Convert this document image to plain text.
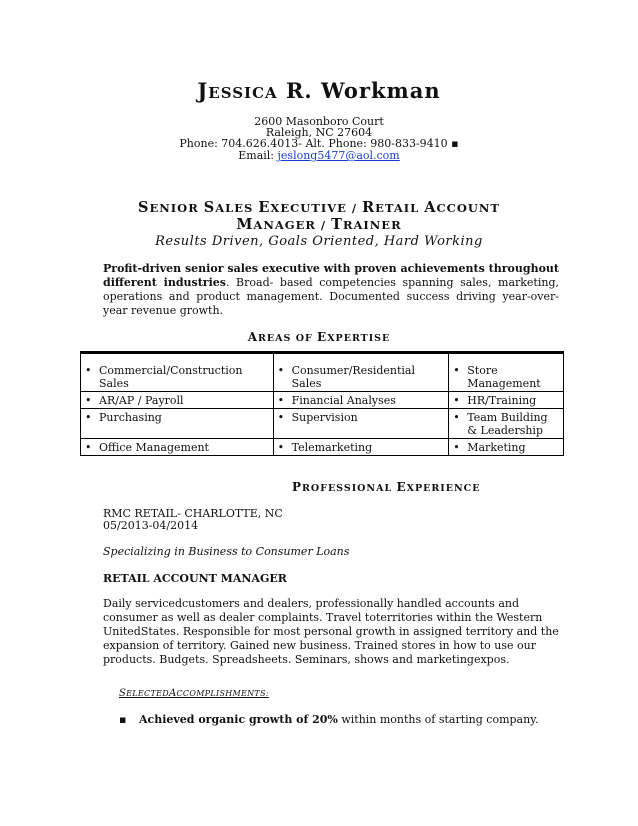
JESSICA R. Workman
2600 Masonboro Court
Raleigh, NC 27604
Phone: 704.626.4013- Alt. Phone: 980-833-9410 ▪
Email: jeslong5477@aol.com
SENIOR SALES EXECUTIVE / RETAIL ACCOUNT
MANAGER / TRAINER
Results Driven, Goals Oriented, Hard Working
Profit-driven senior sales executive with proven achievements throughout different industries. Broad- based competencies spanning sales, marketing, operations and product management. Documented success driving year-over-year revenue growth.
AREAS OF EXPERTISE
• Commercial/Construction Sales	• Consumer/Residential Sales	• Store Management

• AR/AP / Payroll	• Financial Analyses	• HR/Training

• Purchasing	• Supervision	• Team Building & Leadership

• Office Management	• Telemarketing	• Marketing
PROFESSIONAL EXPERIENCE
RMC RETAIL- CHARLOTTE, NC
05/2013-04/2014
Specializing in Business to Consumer Loans
RETAIL ACCOUNT MANAGER
Daily servicedcustomers and dealers, professionally handled accounts and consumer as well as dealer complaints. Travel toterritories within the Western UnitedStates. Responsible for most personal growth in assigned territory and the expansion of territory. Gained new business. Trained stores in how to use our products. Budgets. Spreadsheets. Seminars, shows and marketingexpos.
SELECTEDACCOMPLISHMENTS:
▪ Achieved organic growth of 20% within months of starting company.
